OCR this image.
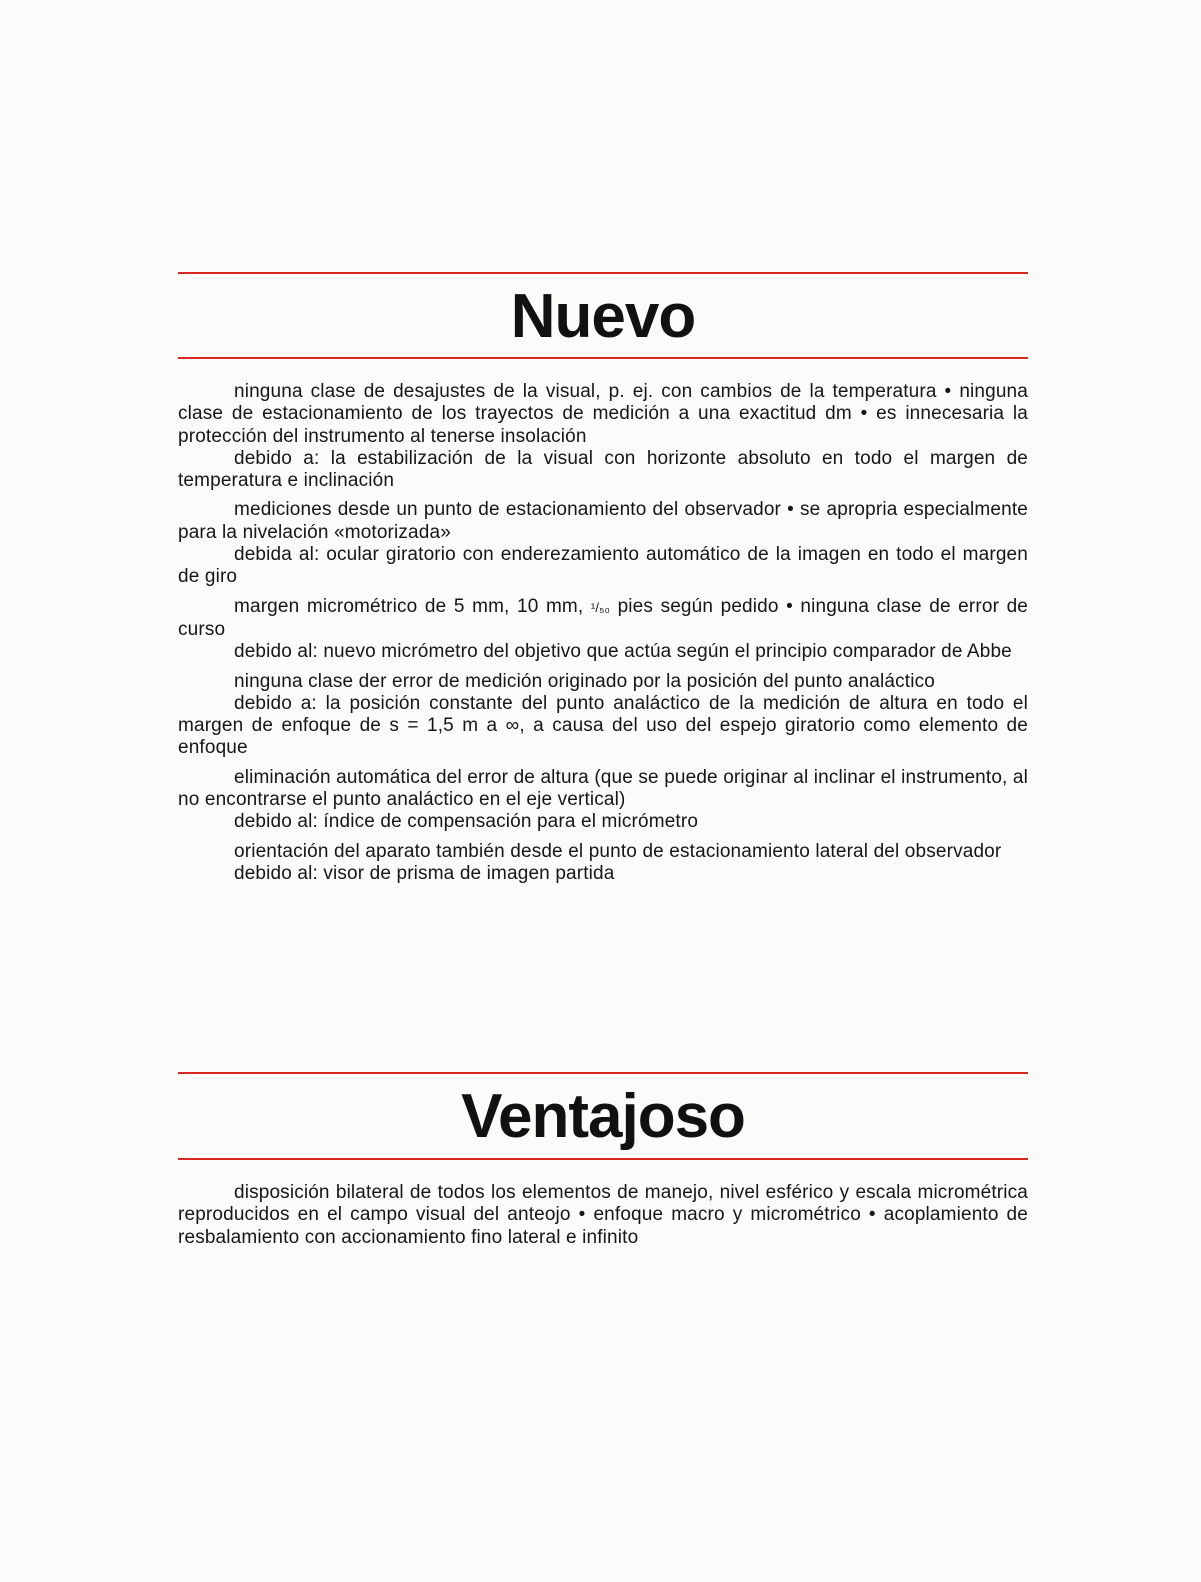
Nuevo

ninguna clase de desajustes de la visual, p. ej. con cambios de la temperatura • ninguna clase de estacionamiento de los trayectos de medición a una exactitud dm • es innecesaria la protección del instrumento al tenerse insolación

debido a: la estabilización de la visual con horizonte absoluto en todo el margen de temperatura e inclinación

mediciones desde un punto de estacionamiento del observador • se apropria especialmente para la nivelación «motorizada»

debida al: ocular giratorio con enderezamiento automático de la imagen en todo el margen de giro

margen micrométrico de 5 mm, 10 mm, ¹/₅₀ pies según pedido • ninguna clase de error de curso

debido al: nuevo micrómetro del objetivo que actúa según el principio comparador de Abbe

ninguna clase der error de medición originado por la posición del punto analáctico

debido a: la posición constante del punto analáctico de la medición de altura en todo el margen de enfoque de s = 1,5 m a ∞, a causa del uso del espejo giratorio como elemento de enfoque

eliminación automática del error de altura (que se puede originar al inclinar el instrumento, al no encontrarse el punto analáctico en el eje vertical)

debido al: índice de compensación para el micrómetro

orientación del aparato también desde el punto de estacionamiento lateral del observador

debido al: visor de prisma de imagen partida

Ventajoso

disposición bilateral de todos los elementos de manejo, nivel esférico y escala micrométrica reproducidos en el campo visual del anteojo • enfoque macro y micrométrico • acoplamiento de resbalamiento con accionamiento fino lateral e infinito
